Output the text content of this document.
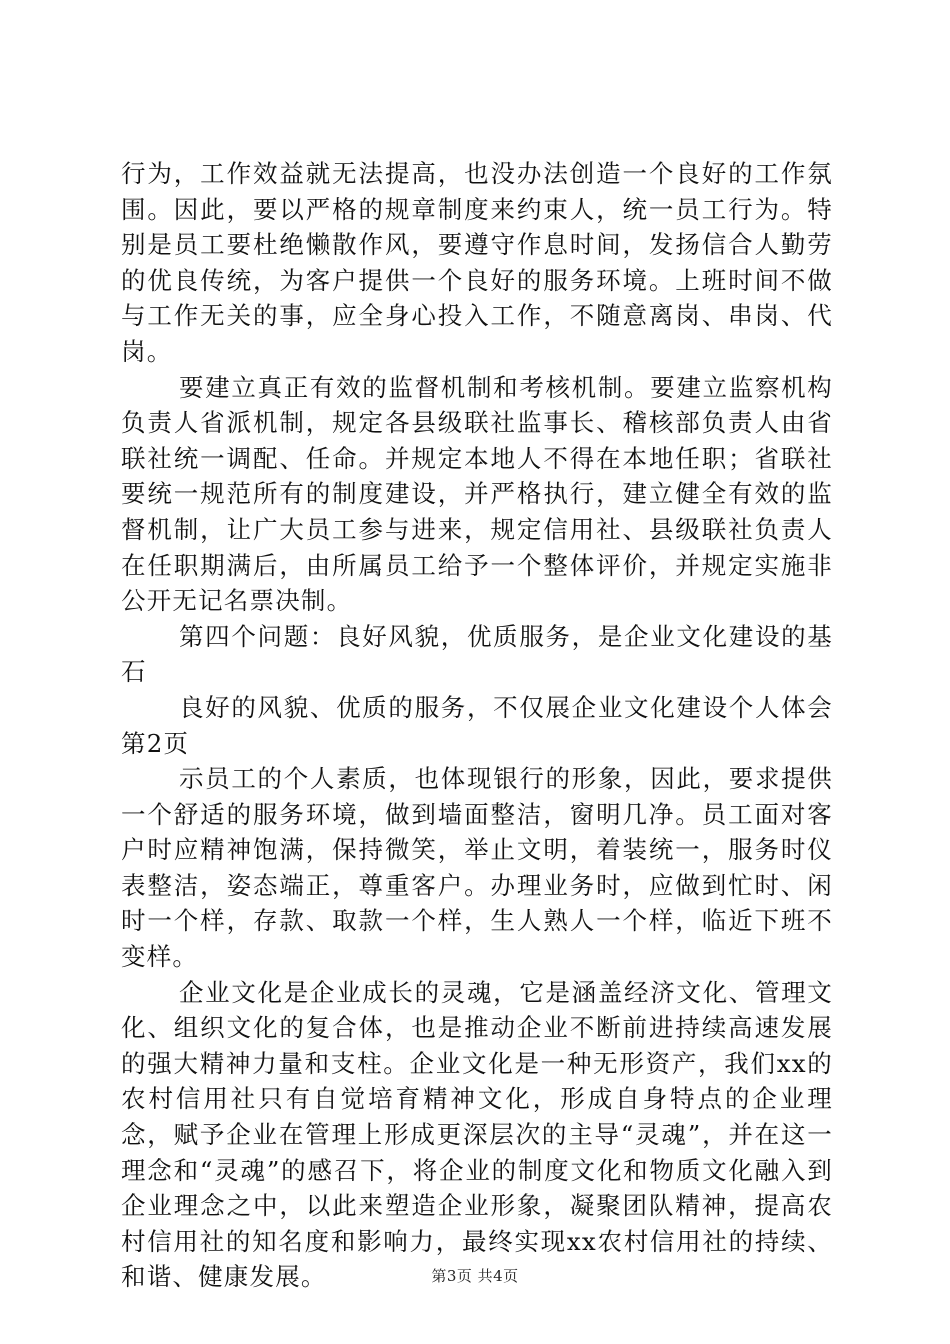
行为，工作效益就无法提高，也没办法创造一个良好的工作氛围。因此，要以严格的规章制度来约束人，统一员工行为。特别是员工要杜绝懒散作风，要遵守作息时间，发扬信合人勤劳的优良传统，为客户提供一个良好的服务环境。上班时间不做与工作无关的事，应全身心投入工作，不随意离岗、串岗、代岗。

要建立真正有效的监督机制和考核机制。要建立监察机构负责人省派机制，规定各县级联社监事长、稽核部负责人由省联社统一调配、任命。并规定本地人不得在本地任职；省联社要统一规范所有的制度建设，并严格执行，建立健全有效的监督机制，让广大员工参与进来，规定信用社、县级联社负责人在任职期满后，由所属员工给予一个整体评价，并规定实施非公开无记名票决制。

第四个问题：良好风貌，优质服务，是企业文化建设的基石

良好的风貌、优质的服务，不仅展企业文化建设个人体会第2页

示员工的个人素质，也体现银行的形象，因此，要求提供一个舒适的服务环境，做到墙面整洁，窗明几净。员工面对客户时应精神饱满，保持微笑，举止文明，着装统一，服务时仪表整洁，姿态端正，尊重客户。办理业务时，应做到忙时、闲时一个样，存款、取款一个样，生人熟人一个样，临近下班不变样。

企业文化是企业成长的灵魂，它是涵盖经济文化、管理文化、组织文化的复合体，也是推动企业不断前进持续高速发展的强大精神力量和支柱。企业文化是一种无形资产，我们xx的农村信用社只有自觉培育精神文化，形成自身特点的企业理念，赋予企业在管理上形成更深层次的主导“灵魂”，并在这一理念和“灵魂”的感召下，将企业的制度文化和物质文化融入到企业理念之中，以此来塑造企业形象，凝聚团队精神，提高农村信用社的知名度和影响力，最终实现xx农村信用社的持续、和谐、健康发展。	第3页 共4页
